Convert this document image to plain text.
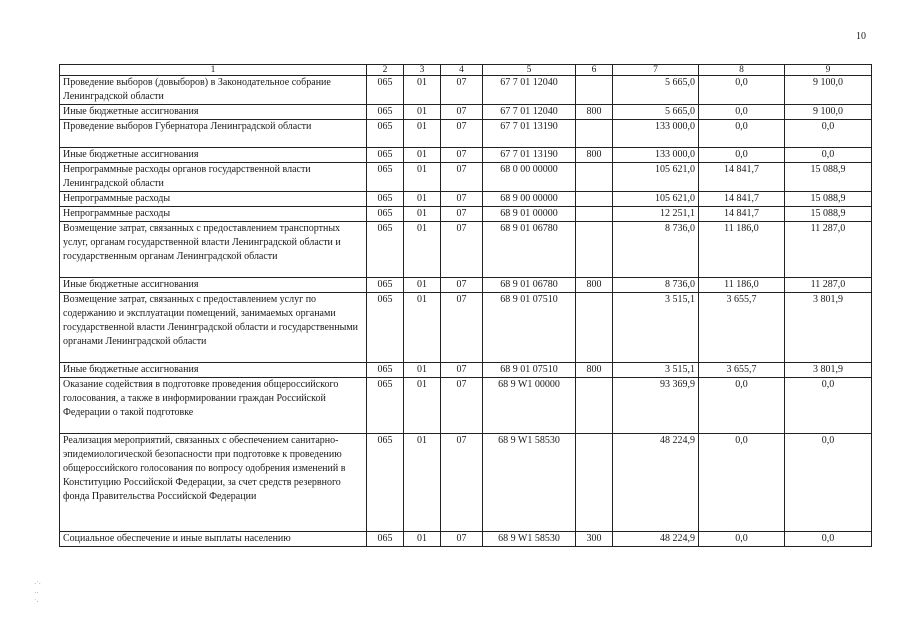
10
1	2	3	4	5	6	7	8	9
Проведение выборов (довыборов) в Законодательное собрание Ленинградской области	065	01	07	67 7 01 12040		5 665,0	0,0	9 100,0
Иные бюджетные ассигнования	065	01	07	67 7 01 12040	800	5 665,0	0,0	9 100,0
Проведение выборов Губернатора Ленинградской области	065	01	07	67 7 01 13190		133 000,0	0,0	0,0
Иные бюджетные ассигнования	065	01	07	67 7 01 13190	800	133 000,0	0,0	0,0
Непрограммные расходы органов государственной власти Ленинградской области	065	01	07	68 0 00 00000		105 621,0	14 841,7	15 088,9
Непрограммные расходы	065	01	07	68 9 00 00000		105 621,0	14 841,7	15 088,9
Непрограммные расходы	065	01	07	68 9 01 00000		12 251,1	14 841,7	15 088,9
Возмещение затрат, связанных с предоставлением транспортных услуг, органам государственной власти Ленинградской области и государственным органам Ленинградской области	065	01	07	68 9 01 06780		8 736,0	11 186,0	11 287,0
Иные бюджетные ассигнования	065	01	07	68 9 01 06780	800	8 736,0	11 186,0	11 287,0
Возмещение затрат, связанных с предоставлением услуг по содержанию и эксплуатации помещений, занимаемых органами государственной власти Ленинградской области и государственными органами Ленинградской области	065	01	07	68 9 01 07510		3 515,1	3 655,7	3 801,9
Иные бюджетные ассигнования	065	01	07	68 9 01 07510	800	3 515,1	3 655,7	3 801,9
Оказание содействия в подготовке проведения общероссийского голосования, а также в информировании граждан Российской Федерации о такой подготовке	065	01	07	68 9 W1 00000		93 369,9	0,0	0,0
Реализация мероприятий, связанных с обеспечением санитарно-эпидемиологической безопасности при подготовке к проведению общероссийского голосования по вопросу одобрения изменений в Конституцию Российской Федерации, за счет средств резервного фонда Правительства Российской Федерации	065	01	07	68 9 W1 58530		48 224,9	0,0	0,0
Социальное обеспечение и иные выплаты населению	065	01	07	68 9 W1 58530	300	48 224,9	0,0	0,0
·˙·
··
˙·
